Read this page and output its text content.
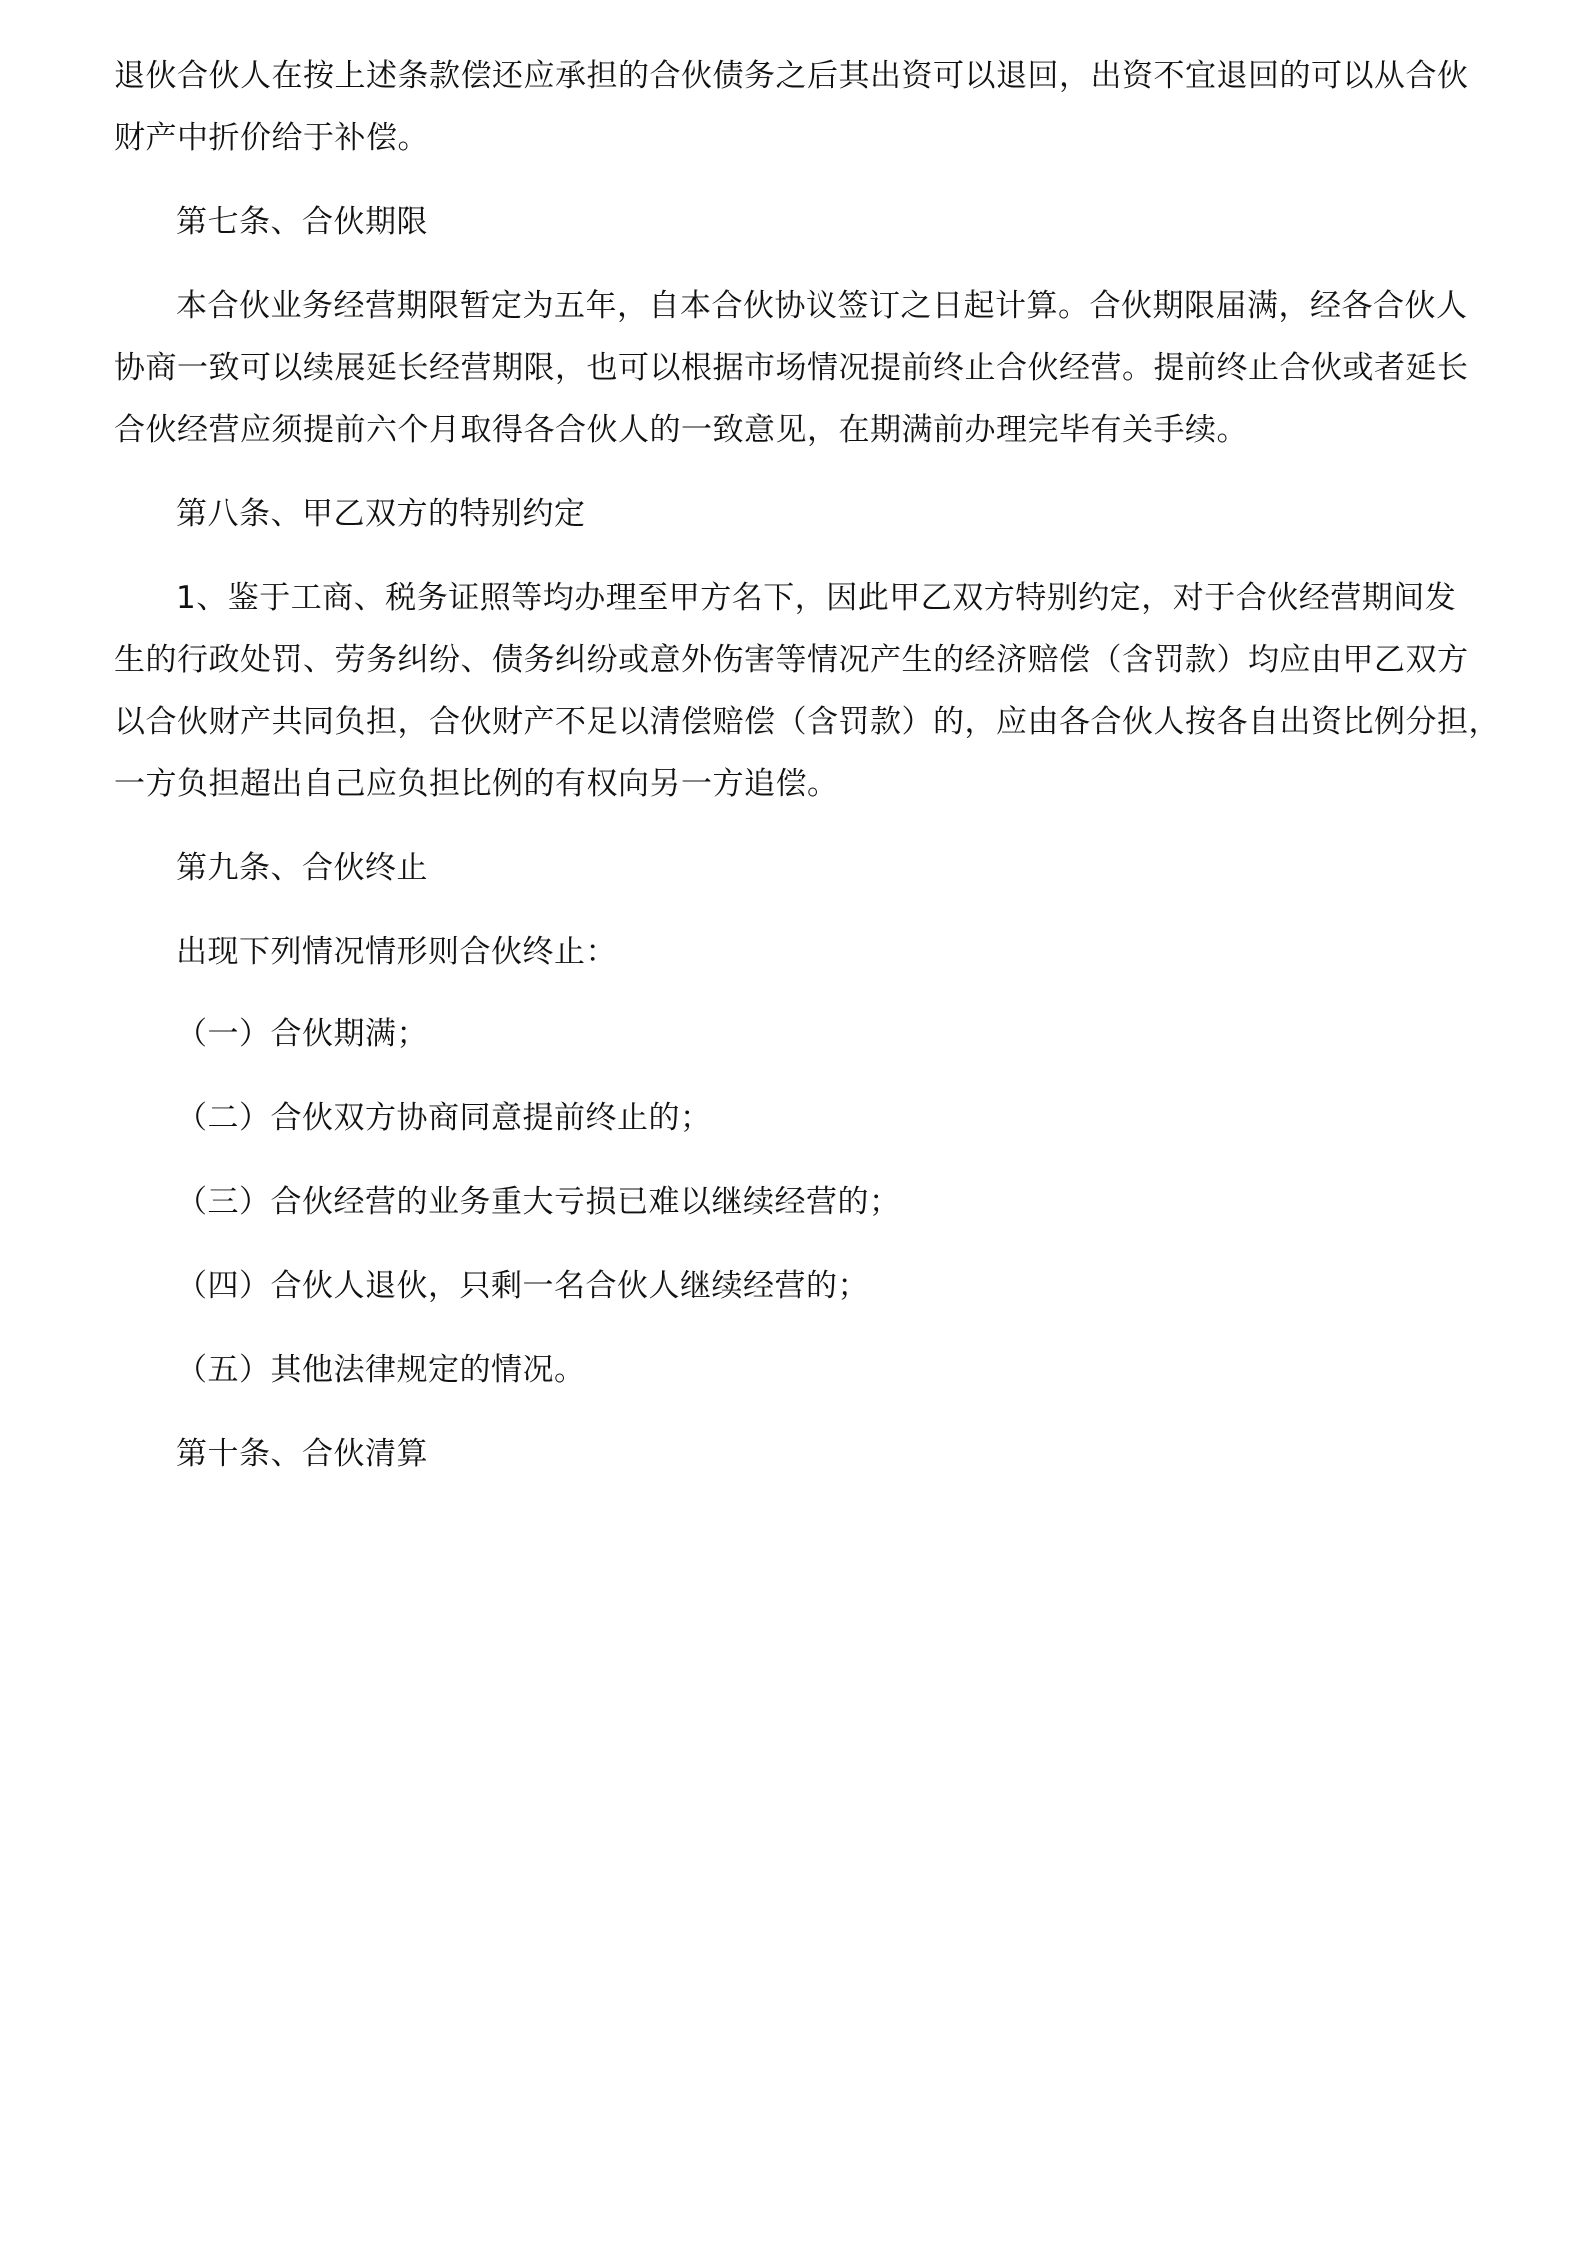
退伙合伙人在按上述条款偿还应承担的合伙债务之后其出资可以退回，出资不宜退回的可以从合伙
财产中折价给于补偿。
第七条、合伙期限
本合伙业务经营期限暂定为五年，自本合伙协议签订之日起计算。合伙期限届满，经各合伙人
协商一致可以续展延长经营期限，也可以根据市场情况提前终止合伙经营。提前终止合伙或者延长
合伙经营应须提前六个月取得各合伙人的一致意见，在期满前办理完毕有关手续。
第八条、甲乙双方的特别约定
1、鉴于工商、税务证照等均办理至甲方名下，因此甲乙双方特别约定，对于合伙经营期间发
生的行政处罚、劳务纠纷、债务纠纷或意外伤害等情况产生的经济赔偿（含罚款）均应由甲乙双方
以合伙财产共同负担，合伙财产不足以清偿赔偿（含罚款）的，应由各合伙人按各自出资比例分担，
一方负担超出自己应负担比例的有权向另一方追偿。
第九条、合伙终止
出现下列情况情形则合伙终止：
（一）合伙期满；
（二）合伙双方协商同意提前终止的；
（三）合伙经营的业务重大亏损已难以继续经营的；
（四）合伙人退伙，只剩一名合伙人继续经营的；
（五）其他法律规定的情况。
第十条、合伙清算
